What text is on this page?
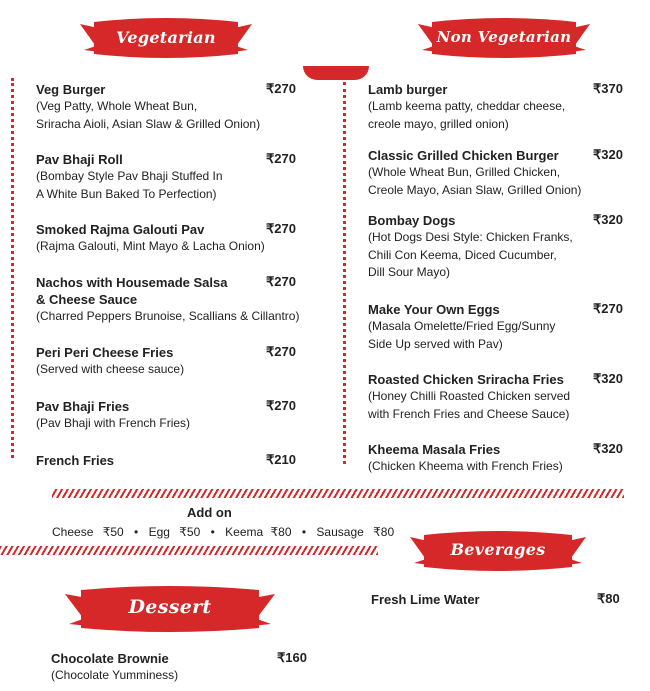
Vegetarian	Non Vegetarian
Beverages
Dessert
Veg Burger
(Veg Patty, Whole Wheat Bun,
Sriracha Aioli, Asian Slaw & Grilled Onion)
₹270
Pav Bhaji Roll
(Bombay Style Pav Bhaji Stuffed In
A White Bun Baked To Perfection)
₹270
Smoked Rajma Galouti Pav
(Rajma Galouti, Mint Mayo & Lacha Onion)
₹270
Nachos with Housemade Salsa
& Cheese Sauce
(Charred Peppers Brunoise, Scallians & Cillantro)
₹270
Peri Peri Cheese Fries
(Served with cheese sauce)
₹270
Pav Bhaji Fries
(Pav Bhaji with French Fries)
₹270
French Fries	₹210
Lamb burger
(Lamb keema patty, cheddar cheese,
creole mayo, grilled onion)
₹370
Classic Grilled Chicken Burger
(Whole Wheat Bun, Grilled Chicken,
Creole Mayo, Asian Slaw, Grilled Onion)
₹320
Bombay Dogs
(Hot Dogs Desi Style: Chicken Franks,
Chili Con Keema, Diced Cucumber,
Dill Sour Mayo)
₹320
Make Your Own Eggs
(Masala Omelette/Fried Egg/Sunny
Side Up served with Pav)
₹270
Roasted Chicken Sriracha Fries
(Honey Chilli Roasted Chicken served
with French Fries and Cheese Sauce)
₹320
Kheema Masala Fries
(Chicken Kheema with French Fries)
₹320
Add on
Cheese ₹50 • Egg ₹50 • Keema ₹80 • Sausage ₹80
Fresh Lime Water	₹80
Chocolate Brownie
(Chocolate Yumminess)
₹160
